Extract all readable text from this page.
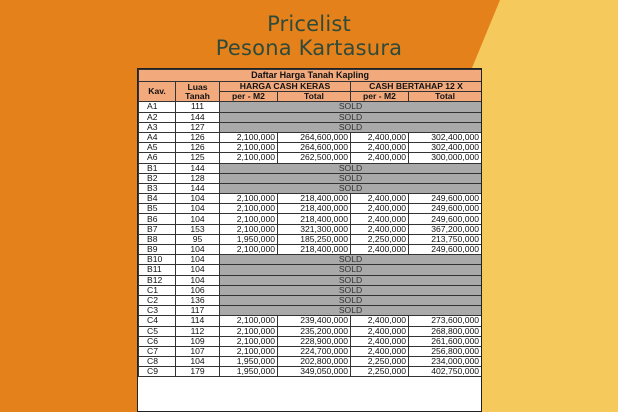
Pricelist
Pesona Kartasura
Daftar Harga Tanah Kapling					
Kav.	Luas Tanah	HARGA CASH KERAS		CASH BERTAHAP 12 X	
		per - M2	Total	per - M2	Total
A1	111	SOLD			
A2	144	SOLD			
A3	127	SOLD			
A4	126	2,100,000	264,600,000	2,400,000	302,400,000
A5	126	2,100,000	264,600,000	2,400,000	302,400,000
A6	125	2,100,000	262,500,000	2,400,000	300,000,000
B1	144	SOLD			
B2	128	SOLD			
B3	144	SOLD			
B4	104	2,100,000	218,400,000	2,400,000	249,600,000
B5	104	2,100,000	218,400,000	2,400,000	249,600,000
B6	104	2,100,000	218,400,000	2,400,000	249,600,000
B7	153	2,100,000	321,300,000	2,400,000	367,200,000
B8	95	1,950,000	185,250,000	2,250,000	213,750,000
B9	104	2,100,000	218,400,000	2,400,000	249,600,000
B10	104	SOLD			
B11	104	SOLD			
B12	104	SOLD			
C1	106	SOLD			
C2	136	SOLD			
C3	117	SOLD			
C4	114	2,100,000	239,400,000	2,400,000	273,600,000
C5	112	2,100,000	235,200,000	2,400,000	268,800,000
C6	109	2,100,000	228,900,000	2,400,000	261,600,000
C7	107	2,100,000	224,700,000	2,400,000	256,800,000
C8	104	1,950,000	202,800,000	2,250,000	234,000,000
C9	179	1,950,000	349,050,000	2,250,000	402,750,000
